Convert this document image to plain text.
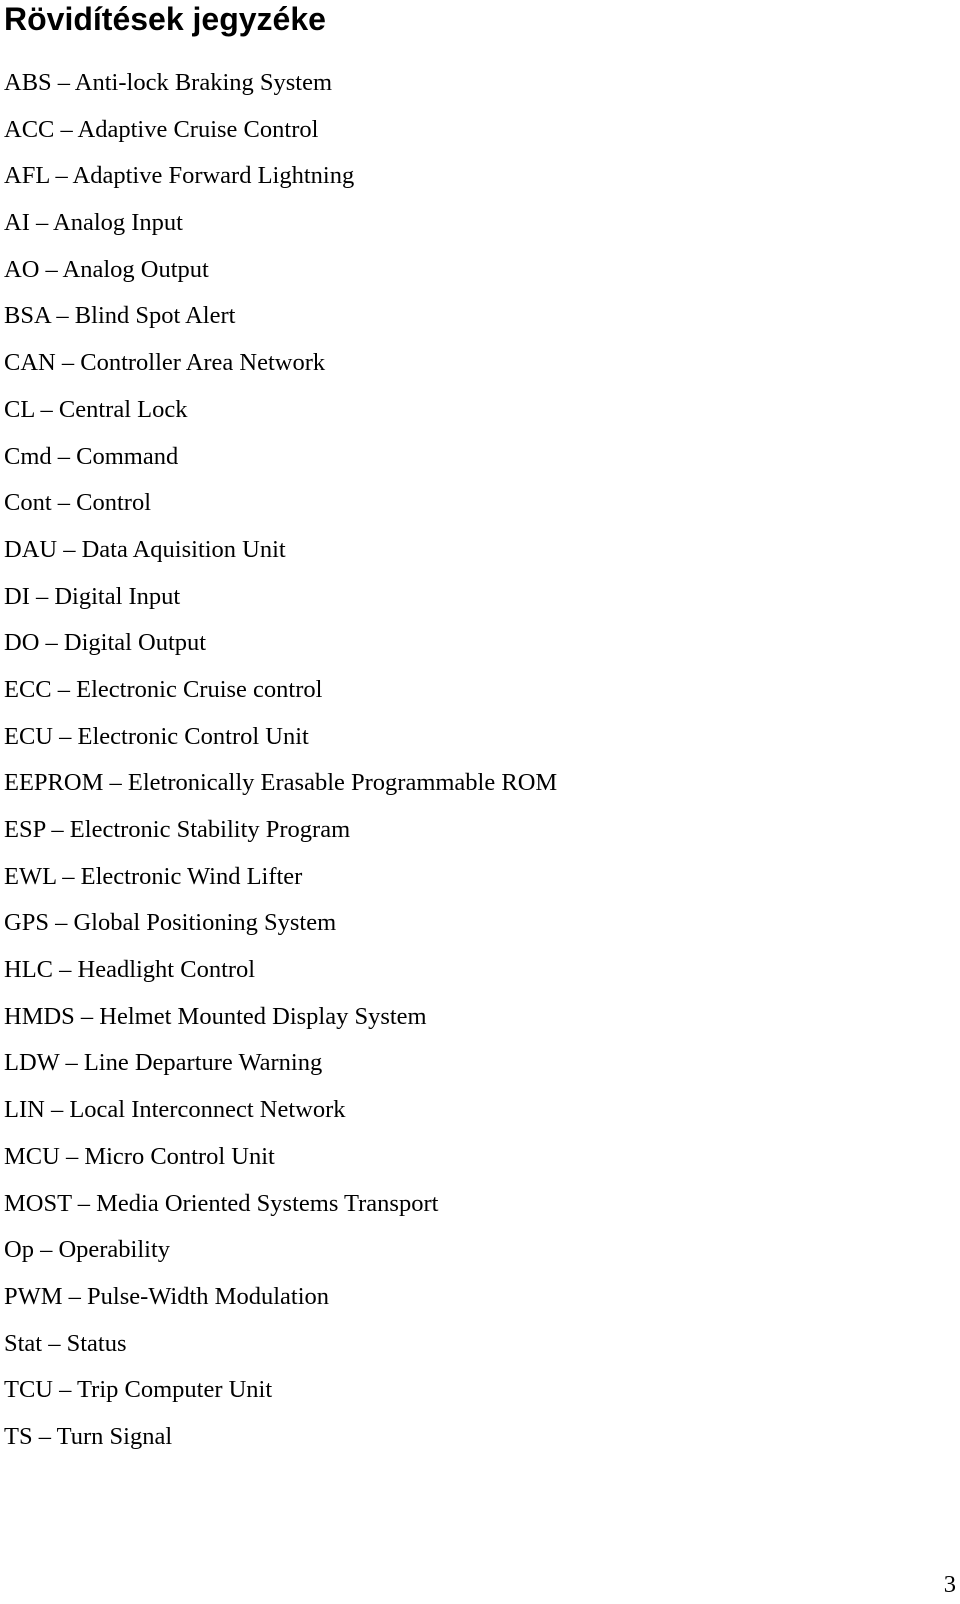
Rövidítések jegyzéke
ABS – Anti-lock Braking System
ACC – Adaptive Cruise Control
AFL – Adaptive Forward Lightning
AI – Analog Input
AO – Analog Output
BSA – Blind Spot Alert
CAN – Controller Area Network
CL – Central Lock
Cmd – Command
Cont – Control
DAU – Data Aquisition Unit
DI – Digital Input
DO – Digital Output
ECC – Electronic Cruise control
ECU – Electronic Control Unit
EEPROM – Eletronically Erasable Programmable ROM
ESP – Electronic Stability Program
EWL – Electronic Wind Lifter
GPS – Global Positioning System
HLC – Headlight Control
HMDS – Helmet Mounted Display System
LDW – Line Departure Warning
LIN – Local Interconnect Network
MCU – Micro Control Unit
MOST – Media Oriented Systems Transport
Op – Operability
PWM – Pulse-Width Modulation
Stat – Status
TCU – Trip Computer Unit
TS – Turn Signal
3
